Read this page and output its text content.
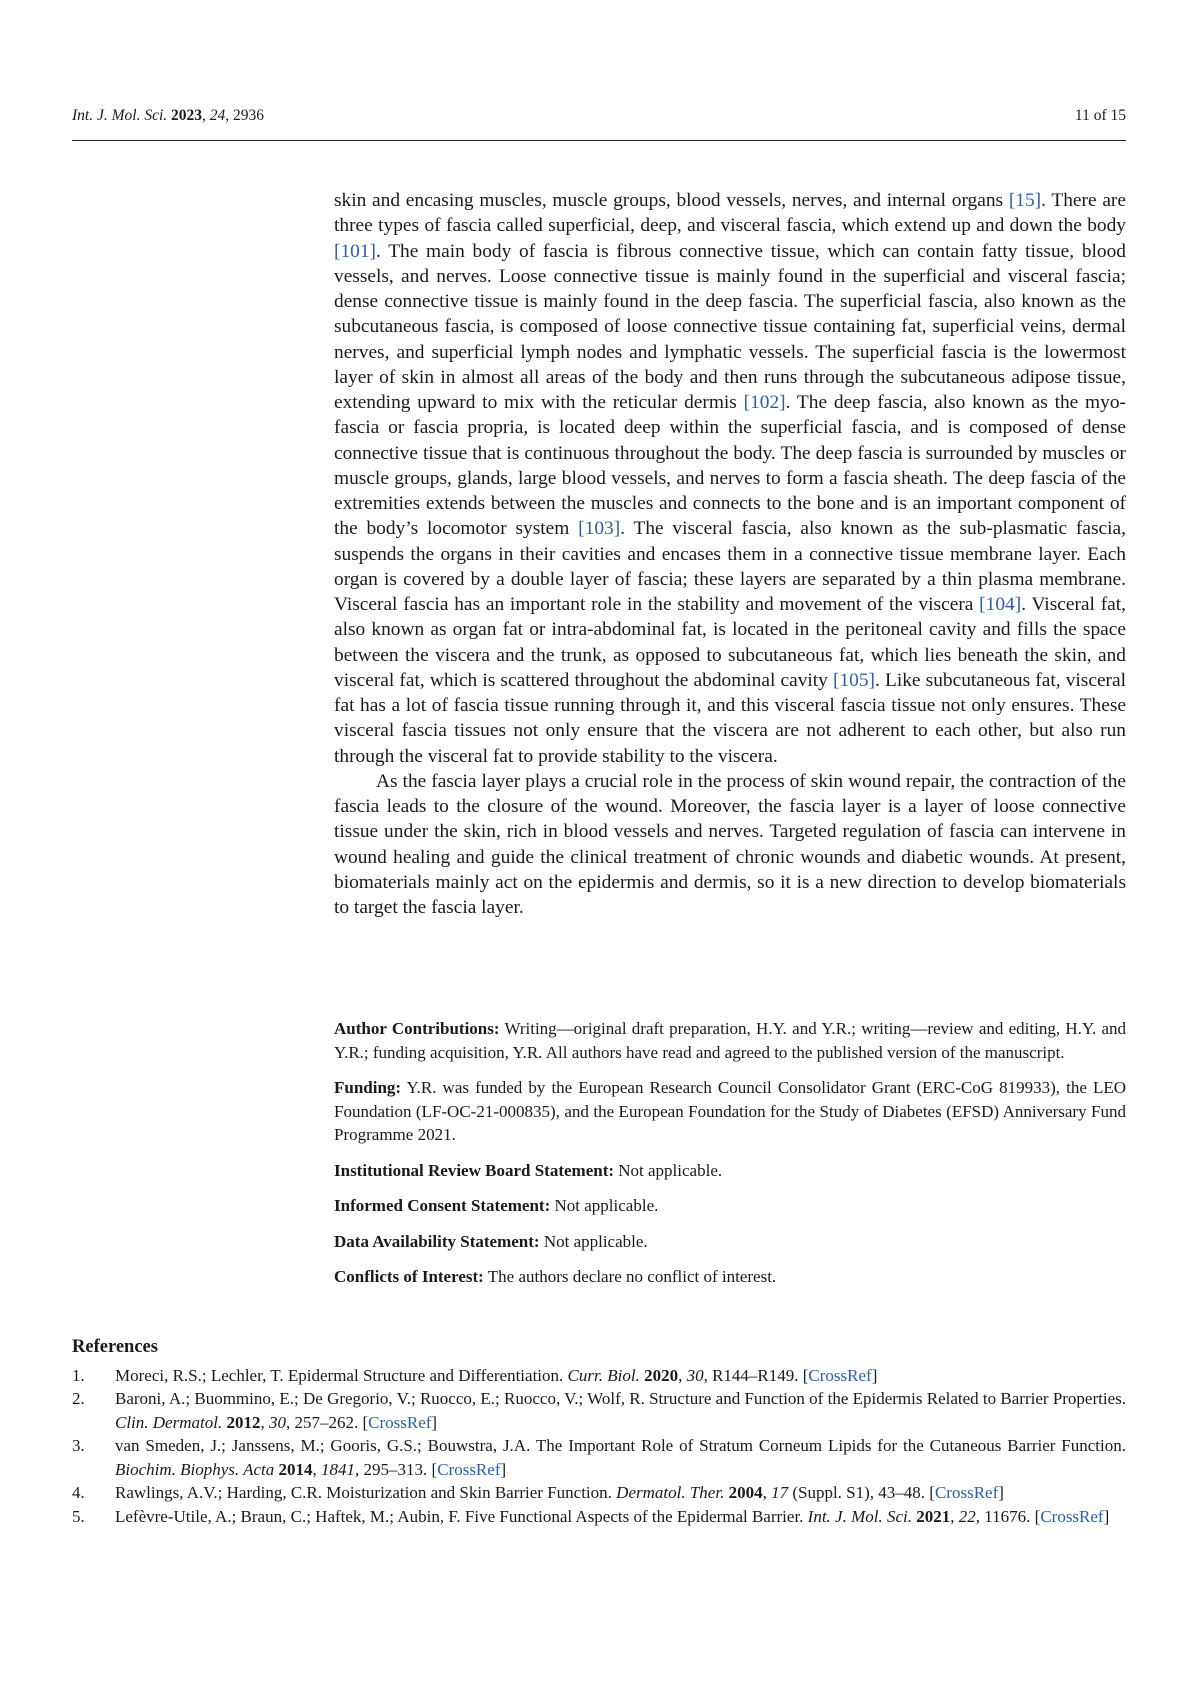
Int. J. Mol. Sci. 2023, 24, 2936	11 of 15

skin and encasing muscles, muscle groups, blood vessels, nerves, and internal organs [15]. There are three types of fascia called superficial, deep, and visceral fascia, which extend up and down the body [101]. The main body of fascia is fibrous connective tissue, which can contain fatty tissue, blood vessels, and nerves. Loose connective tissue is mainly found in the superficial and visceral fascia; dense connective tissue is mainly found in the deep fascia. The superficial fascia, also known as the subcutaneous fascia, is composed of loose connective tissue containing fat, superficial veins, dermal nerves, and superficial lymph nodes and lymphatic vessels. The superficial fascia is the lowermost layer of skin in almost all areas of the body and then runs through the subcutaneous adipose tissue, extending upward to mix with the reticular dermis [102]. The deep fascia, also known as the myo-fascia or fascia propria, is located deep within the superficial fascia, and is composed of dense connective tissue that is continuous throughout the body. The deep fascia is surrounded by muscles or muscle groups, glands, large blood vessels, and nerves to form a fascia sheath. The deep fascia of the extremities extends between the muscles and connects to the bone and is an important component of the body’s locomotor system [103]. The visceral fascia, also known as the sub-plasmatic fascia, suspends the organs in their cavities and encases them in a connective tissue membrane layer. Each organ is covered by a double layer of fascia; these layers are separated by a thin plasma membrane. Visceral fascia has an important role in the stability and movement of the viscera [104]. Visceral fat, also known as organ fat or intra-abdominal fat, is located in the peritoneal cavity and fills the space between the viscera and the trunk, as opposed to subcutaneous fat, which lies beneath the skin, and visceral fat, which is scattered throughout the abdominal cavity [105]. Like subcutaneous fat, visceral fat has a lot of fascia tissue running through it, and this visceral fascia tissue not only ensures. These visceral fascia tissues not only ensure that the viscera are not adherent to each other, but also run through the visceral fat to provide stability to the viscera.

As the fascia layer plays a crucial role in the process of skin wound repair, the contraction of the fascia leads to the closure of the wound. Moreover, the fascia layer is a layer of loose connective tissue under the skin, rich in blood vessels and nerves. Targeted regulation of fascia can intervene in wound healing and guide the clinical treatment of chronic wounds and diabetic wounds. At present, biomaterials mainly act on the epidermis and dermis, so it is a new direction to develop biomaterials to target the fascia layer.

Author Contributions: Writing—original draft preparation, H.Y. and Y.R.; writing—review and editing, H.Y. and Y.R.; funding acquisition, Y.R. All authors have read and agreed to the published version of the manuscript.

Funding: Y.R. was funded by the European Research Council Consolidator Grant (ERC-CoG 819933), the LEO Foundation (LF-OC-21-000835), and the European Foundation for the Study of Diabetes (EFSD) Anniversary Fund Programme 2021.

Institutional Review Board Statement: Not applicable.

Informed Consent Statement: Not applicable.

Data Availability Statement: Not applicable.

Conflicts of Interest: The authors declare no conflict of interest.

References
1. Moreci, R.S.; Lechler, T. Epidermal Structure and Differentiation. Curr. Biol. 2020, 30, R144–R149. [CrossRef]
2. Baroni, A.; Buommino, E.; De Gregorio, V.; Ruocco, E.; Ruocco, V.; Wolf, R. Structure and Function of the Epidermis Related to Barrier Properties. Clin. Dermatol. 2012, 30, 257–262. [CrossRef]
3. van Smeden, J.; Janssens, M.; Gooris, G.S.; Bouwstra, J.A. The Important Role of Stratum Corneum Lipids for the Cutaneous Barrier Function. Biochim. Biophys. Acta 2014, 1841, 295–313. [CrossRef]
4. Rawlings, A.V.; Harding, C.R. Moisturization and Skin Barrier Function. Dermatol. Ther. 2004, 17 (Suppl. S1), 43–48. [CrossRef]
5. Lefèvre-Utile, A.; Braun, C.; Haftek, M.; Aubin, F. Five Functional Aspects of the Epidermal Barrier. Int. J. Mol. Sci. 2021, 22, 11676. [CrossRef]
